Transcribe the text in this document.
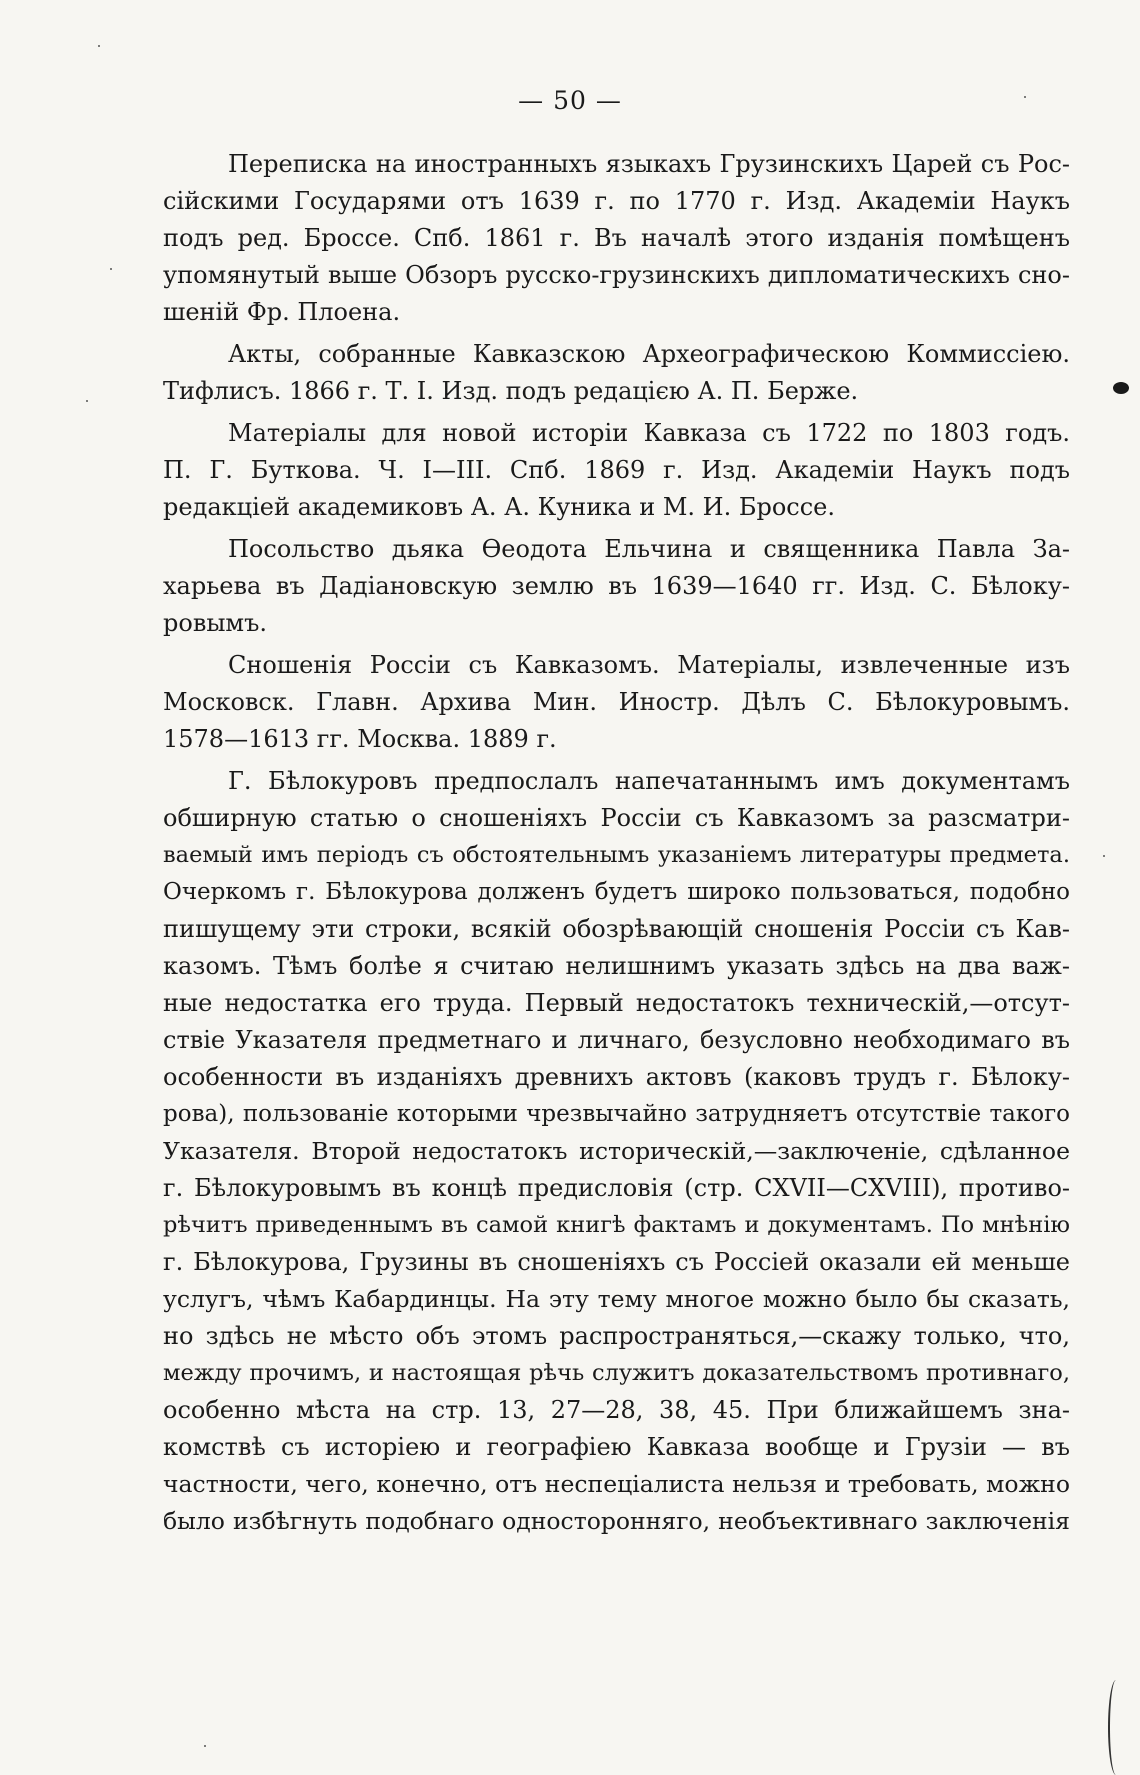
— 50 —
Переписка на иностранныхъ языкахъ Грузинскихъ Царей съ Рос-
сійскими Государями отъ 1639 г. по 1770 г. Изд. Академіи Наукъ
подъ ред. Броссе. Спб. 1861 г. Въ началѣ этого изданія помѣщенъ
упомянутый выше Обзоръ русско-грузинскихъ дипломатическихъ сно-
шеній Фр. Плоена.
Акты, собранные Кавказскою Археографическою Коммиссіею.
Тифлисъ. 1866 г. Т. I. Изд. подъ редацією А. П. Берже.
Матеріалы для новой исторіи Кавказа съ 1722 по 1803 годъ.
П. Г. Буткова. Ч. I—III. Спб. 1869 г. Изд. Академіи Наукъ подъ
редакціей академиковъ А. А. Куника и М. И. Броссе.
Посольство дьяка Ѳеодота Ельчина и священника Павла За-
харьева въ Дадіановскую землю въ 1639—1640 гг. Изд. С. Бѣлоку-
ровымъ.
Сношенія Россіи съ Кавказомъ. Матеріалы, извлеченные изъ
Московск. Главн. Архива Мин. Иностр. Дѣлъ С. Бѣлокуровымъ.
1578—1613 гг. Москва. 1889 г.
Г. Бѣлокуровъ предпослалъ напечатаннымъ имъ документамъ
обширную статью о сношеніяхъ Россіи съ Кавказомъ за разсматри-
ваемый имъ періодъ съ обстоятельнымъ указаніемъ литературы предмета.
Очеркомъ г. Бѣлокурова долженъ будетъ широко пользоваться, подобно
пишущему эти строки, всякій обозрѣвающій сношенія Россіи съ Кав-
казомъ. Тѣмъ болѣе я считаю нелишнимъ указать здѣсь на два важ-
ные недостатка его труда. Первый недостатокъ техническій,—отсут-
ствіе Указателя предметнаго и личнаго, безусловно необходимаго въ
особенности въ изданіяхъ древнихъ актовъ (каковъ трудъ г. Бѣлоку-
рова), пользованіе которыми чрезвычайно затрудняетъ отсутствіе такого
Указателя. Второй недостатокъ историческій,—заключеніе, сдѣланное
г. Бѣлокуровымъ въ концѣ предисловія (стр. CXVII—CXVIII), противо-
рѣчитъ приведеннымъ въ самой книгѣ фактамъ и документамъ. По мнѣнію
г. Бѣлокурова, Грузины въ сношеніяхъ съ Россіей оказали ей меньше
услугъ, чѣмъ Кабардинцы. На эту тему многое можно было бы сказать,
но здѣсь не мѣсто объ этомъ распространяться,—скажу только, что,
между прочимъ, и настоящая рѣчь служитъ доказательствомъ противнаго,
особенно мѣста на стр. 13, 27—28, 38, 45. При ближайшемъ зна-
комствѣ съ исторіею и географіею Кавказа вообще и Грузіи — въ
частности, чего, конечно, отъ неспеціалиста нельзя и требовать, можно
было избѣгнуть подобнаго односторонняго, необъективнаго заключенія
